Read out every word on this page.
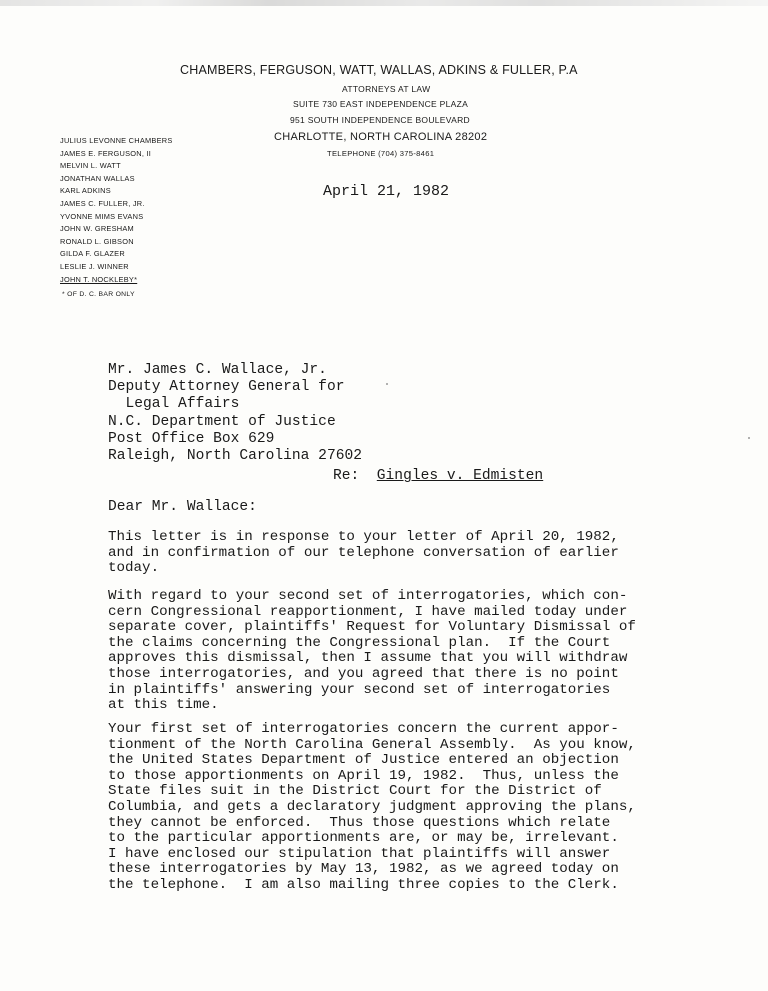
CHAMBERS, FERGUSON, WATT, WALLAS, ADKINS & FULLER, P.A
ATTORNEYS AT LAW
SUITE 730 EAST INDEPENDENCE PLAZA
951 SOUTH INDEPENDENCE BOULEVARD
CHARLOTTE, NORTH CAROLINA 28202
TELEPHONE (704) 375-8461
JULIUS LEVONNE CHAMBERS
JAMES E. FERGUSON, II
MELVIN L. WATT
JONATHAN WALLAS
KARL ADKINS
JAMES C. FULLER, JR.
YVONNE MIMS EVANS
JOHN W. GRESHAM
RONALD L. GIBSON
GILDA F. GLAZER
LESLIE J. WINNER
JOHN T. NOCKLEBY*
* OF D. C. BAR ONLY
April 21, 1982
Mr. James C. Wallace, Jr.
Deputy Attorney General for
Legal Affairs
N.C. Department of Justice
Post Office Box 629
Raleigh, North Carolina 27602
Re: Gingles v. Edmisten
Dear Mr. Wallace:
This letter is in response to your letter of April 20, 1982,
and in confirmation of our telephone conversation of earlier
today.
With regard to your second set of interrogatories, which con-
cern Congressional reapportionment, I have mailed today under
separate cover, plaintiffs' Request for Voluntary Dismissal of
the claims concerning the Congressional plan.  If the Court
approves this dismissal, then I assume that you will withdraw
those interrogatories, and you agreed that there is no point
in plaintiffs' answering your second set of interrogatories
at this time.
Your first set of interrogatories concern the current appor-
tionment of the North Carolina General Assembly.  As you know,
the United States Department of Justice entered an objection
to those apportionments on April 19, 1982.  Thus, unless the
State files suit in the District Court for the District of
Columbia, and gets a declaratory judgment approving the plans,
they cannot be enforced.  Thus those questions which relate
to the particular apportionments are, or may be, irrelevant.
I have enclosed our stipulation that plaintiffs will answer
these interrogatories by May 13, 1982, as we agreed today on
the telephone.  I am also mailing three copies to the Clerk.
